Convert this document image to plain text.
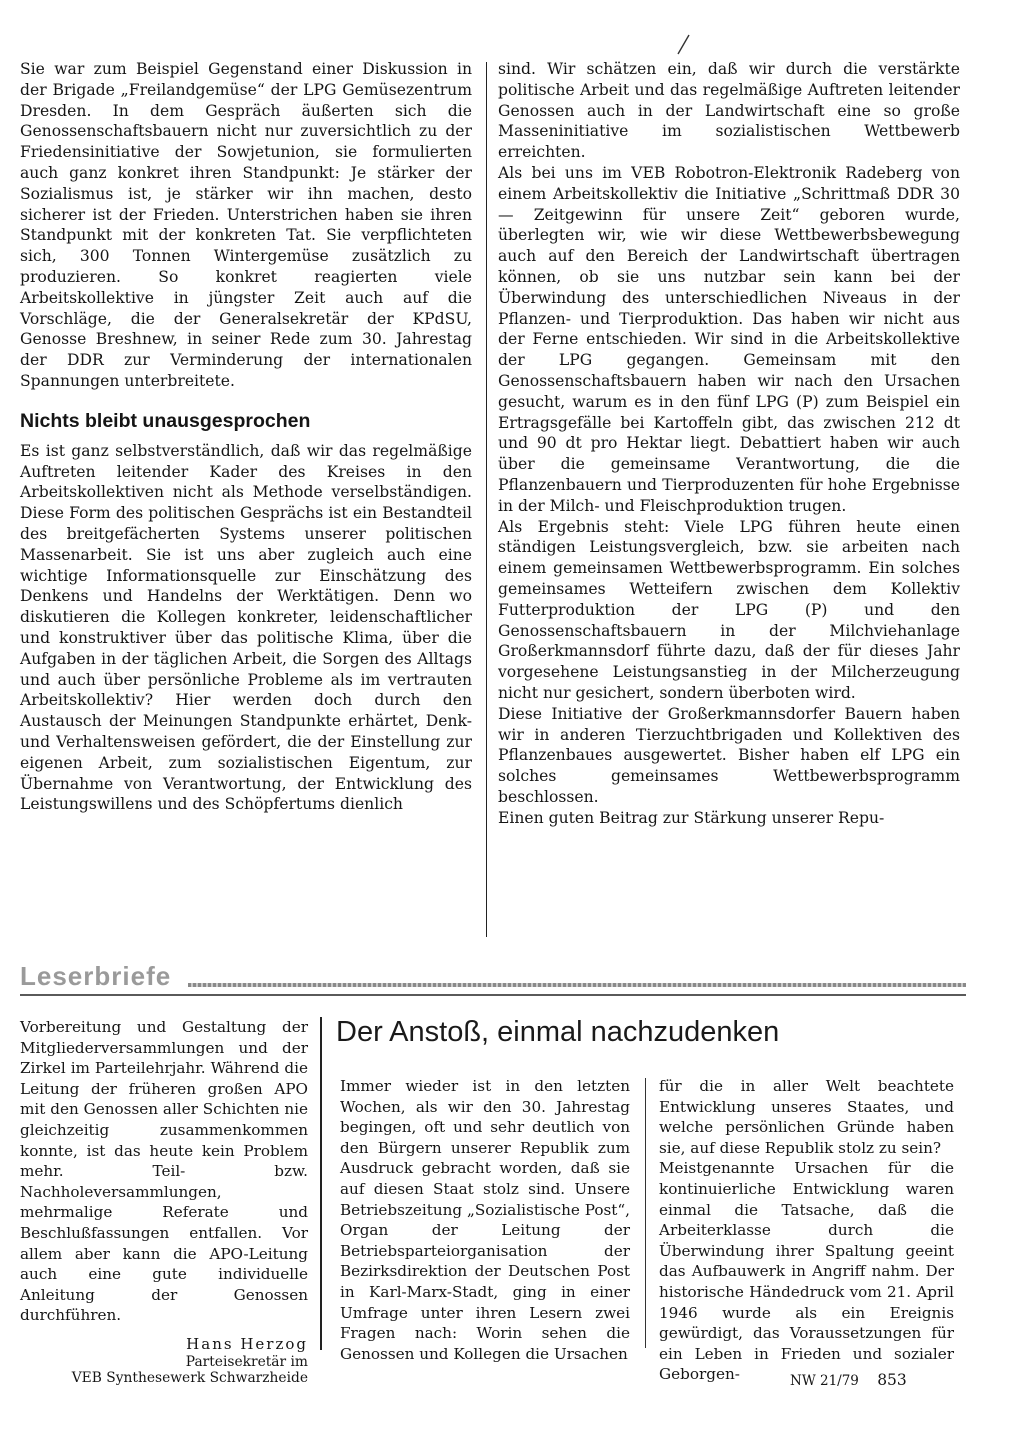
Sie war zum Beispiel Gegenstand einer Diskussion in der Brigade „Freilandgemüse“ der LPG Gemüsezentrum Dresden. In dem Gespräch äußerten sich die Genossenschaftsbauern nicht nur zuversichtlich zu der Friedensinitiative der Sowjetunion, sie formulierten auch ganz konkret ihren Standpunkt: Je stärker der Sozialismus ist, je stärker wir ihn machen, desto sicherer ist der Frieden. Unterstrichen haben sie ihren Standpunkt mit der konkreten Tat. Sie verpflichteten sich, 300 Tonnen Wintergemüse zusätzlich zu produzieren. So konkret reagierten viele Arbeitskollektive in jüngster Zeit auch auf die Vorschläge, die der Generalsekretär der KPdSU, Genosse Breshnew, in seiner Rede zum 30. Jahrestag der DDR zur Verminderung der internationalen Spannungen unterbreitete.

Nichts bleibt unausgesprochen

Es ist ganz selbstverständlich, daß wir das regelmäßige Auftreten leitender Kader des Kreises in den Arbeitskollektiven nicht als Methode verselbständigen. Diese Form des politischen Gesprächs ist ein Bestandteil des breitgefächerten Systems unserer politischen Massenarbeit. Sie ist uns aber zugleich auch eine wichtige Informationsquelle zur Einschätzung des Denkens und Handelns der Werktätigen. Denn wo diskutieren die Kollegen konkreter, leidenschaftlicher und konstruktiver über das politische Klima, über die Aufgaben in der täglichen Arbeit, die Sorgen des Alltags und auch über persönliche Probleme als im vertrauten Arbeitskollektiv? Hier werden doch durch den Austausch der Meinungen Standpunkte erhärtet, Denk- und Verhaltensweisen gefördert, die der Einstellung zur eigenen Arbeit, zum sozialistischen Eigentum, zur Übernahme von Verantwortung, der Entwicklung des Leistungswillens und des Schöpfertums dienlich

sind. Wir schätzen ein, daß wir durch die verstärkte politische Arbeit und das regelmäßige Auftreten leitender Genossen auch in der Landwirtschaft eine so große Masseninitiative im sozialistischen Wettbewerb erreichten.

Als bei uns im VEB Robotron-Elektronik Radeberg von einem Arbeitskollektiv die Initiative „Schrittmaß DDR 30 — Zeitgewinn für unsere Zeit“ geboren wurde, überlegten wir, wie wir diese Wettbewerbsbewegung auch auf den Bereich der Landwirtschaft übertragen können, ob sie uns nutzbar sein kann bei der Überwindung des unterschiedlichen Niveaus in der Pflanzen- und Tierproduktion. Das haben wir nicht aus der Ferne entschieden. Wir sind in die Arbeitskollektive der LPG gegangen. Gemeinsam mit den Genossenschaftsbauern haben wir nach den Ursachen gesucht, warum es in den fünf LPG (P) zum Beispiel ein Ertragsgefälle bei Kartoffeln gibt, das zwischen 212 dt und 90 dt pro Hektar liegt. Debattiert haben wir auch über die gemeinsame Verantwortung, die die Pflanzenbauern und Tierproduzenten für hohe Ergebnisse in der Milch- und Fleischproduktion trugen.

Als Ergebnis steht: Viele LPG führen heute einen ständigen Leistungsvergleich, bzw. sie arbeiten nach einem gemeinsamen Wettbewerbsprogramm. Ein solches gemeinsames Wetteifern zwischen dem Kollektiv Futterproduktion der LPG (P) und den Genossenschaftsbauern in der Milchviehanlage Großerkmannsdorf führte dazu, daß der für dieses Jahr vorgesehene Leistungsanstieg in der Milcherzeugung nicht nur gesichert, sondern überboten wird.

Diese Initiative der Großerkmannsdorfer Bauern haben wir in anderen Tierzuchtbrigaden und Kollektiven des Pflanzenbaues ausgewertet. Bisher haben elf LPG ein solches gemeinsames Wettbewerbsprogramm beschlossen.

Einen guten Beitrag zur Stärkung unserer Repu-

Leserbriefe

Vorbereitung und Gestaltung der Mitgliederversammlungen und der Zirkel im Parteilehrjahr. Während die Leitung der früheren großen APO mit den Genossen aller Schichten nie gleichzeitig zusammenkommen konnte, ist das heute kein Problem mehr. Teil- bzw. Nachholeversammlungen, mehrmalige Referate und Beschlußfassungen entfallen. Vor allem aber kann die APO-Leitung auch eine gute individuelle Anleitung der Genossen durchführen.

Hans Herzog
Parteisekretär im
VEB Synthesewerk Schwarzheide

Der Anstoß, einmal nachzudenken

Immer wieder ist in den letzten Wochen, als wir den 30. Jahrestag begingen, oft und sehr deutlich von den Bürgern unserer Republik zum Ausdruck gebracht worden, daß sie auf diesen Staat stolz sind. Unsere Betriebszeitung „Sozialistische Post“, Organ der Leitung der Betriebsparteiorganisation der Bezirksdirektion der Deutschen Post in Karl-Marx-Stadt, ging in einer Umfrage unter ihren Lesern zwei Fragen nach: Worin sehen die Genossen und Kollegen die Ursachen

für die in aller Welt beachtete Entwicklung unseres Staates, und welche persönlichen Gründe haben sie, auf diese Republik stolz zu sein?

Meistgenannte Ursachen für die kontinuierliche Entwicklung waren einmal die Tatsache, daß die Arbeiterklasse durch die Überwindung ihrer Spaltung geeint das Aufbauwerk in Angriff nahm. Der historische Händedruck vom 21. April 1946 wurde als ein Ereignis gewürdigt, das Voraussetzungen für ein Leben in Frieden und sozialer Geborgen-	NW 21/79 853
